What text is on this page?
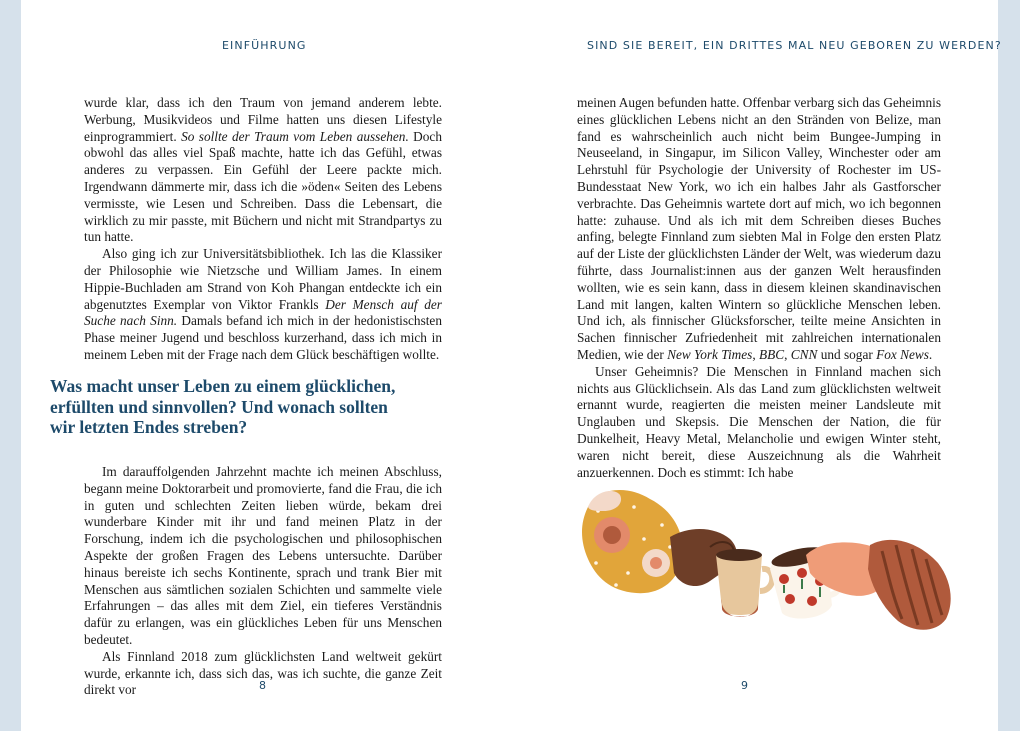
EINFÜHRUNG

wurde klar, dass ich den Traum von jemand anderem lebte. Werbung, Musikvideos und Filme hatten uns diesen Lifestyle einprogrammiert. So sollte der Traum vom Leben aussehen. Doch obwohl das alles viel Spaß machte, hatte ich das Gefühl, etwas anderes zu verpassen. Ein Gefühl der Leere packte mich. Irgendwann dämmerte mir, dass ich die »öden« Seiten des Lebens vermisste, wie Lesen und Schreiben. Dass die Lebensart, die wirklich zu mir passte, mit Büchern und nicht mit Strandpartys zu tun hatte.

Also ging ich zur Universitätsbibliothek. Ich las die Klassiker der Philosophie wie Nietzsche und William James. In einem Hippie-Buchladen am Strand von Koh Phangan entdeckte ich ein abgenutztes Exemplar von Viktor Frankls Der Mensch auf der Suche nach Sinn. Damals befand ich mich in der hedonistischsten Phase meiner Jugend und beschloss kurzerhand, dass ich mich in meinem Leben mit der Frage nach dem Glück beschäftigen wollte.

Was macht unser Leben zu einem glücklichen, erfüllten und sinnvollen? Und wonach sollten wir letzten Endes streben?

Im darauffolgenden Jahrzehnt machte ich meinen Abschluss, begann meine Doktorarbeit und promovierte, fand die Frau, die ich in guten und schlechten Zeiten lieben würde, bekam drei wunderbare Kinder mit ihr und fand meinen Platz in der Forschung, indem ich die psychologischen und philosophischen Aspekte der großen Fragen des Lebens untersuchte. Darüber hinaus bereiste ich sechs Kontinente, sprach und trank Bier mit Menschen aus sämtlichen sozialen Schichten und sammelte viele Erfahrungen – das alles mit dem Ziel, ein tieferes Verständnis dafür zu erlangen, was ein glückliches Leben für uns Menschen bedeutet.

Als Finnland 2018 zum glücklichsten Land weltweit gekürt wurde, erkannte ich, dass sich das, was ich suchte, die ganze Zeit direkt vor	8
SIND SIE BEREIT, EIN DRITTES MAL NEU GEBOREN ZU WERDEN?

meinen Augen befunden hatte. Offenbar verbarg sich das Geheimnis eines glücklichen Lebens nicht an den Stränden von Belize, man fand es wahrscheinlich auch nicht beim Bungee-Jumping in Neuseeland, in Singapur, im Silicon Valley, Winchester oder am Lehrstuhl für Psychologie der University of Rochester im US-Bundesstaat New York, wo ich ein halbes Jahr als Gastforscher verbrachte. Das Geheimnis wartete dort auf mich, wo ich begonnen hatte: zuhause. Und als ich mit dem Schreiben dieses Buches anfing, belegte Finnland zum siebten Mal in Folge den ersten Platz auf der Liste der glücklichsten Länder der Welt, was wiederum dazu führte, dass Journalist:innen aus der ganzen Welt herausfinden wollten, wie es sein kann, dass in diesem kleinen skandinavischen Land mit langen, kalten Wintern so glückliche Menschen leben. Und ich, als finnischer Glücksforscher, teilte meine Ansichten in Sachen finnischer Zufriedenheit mit zahlreichen internationalen Medien, wie der New York Times, BBC, CNN und sogar Fox News.

Unser Geheimnis? Die Menschen in Finnland machen sich nichts aus Glücklichsein. Als das Land zum glücklichsten weltweit ernannt wurde, reagierten die meisten meiner Landsleute mit Unglauben und Skepsis. Die Menschen der Nation, die für Dunkelheit, Heavy Metal, Melancholie und ewigen Winter steht, waren nicht bereit, diese Auszeichnung als die Wahrheit anzuerkennen. Doch es stimmt: Ich habe

9
